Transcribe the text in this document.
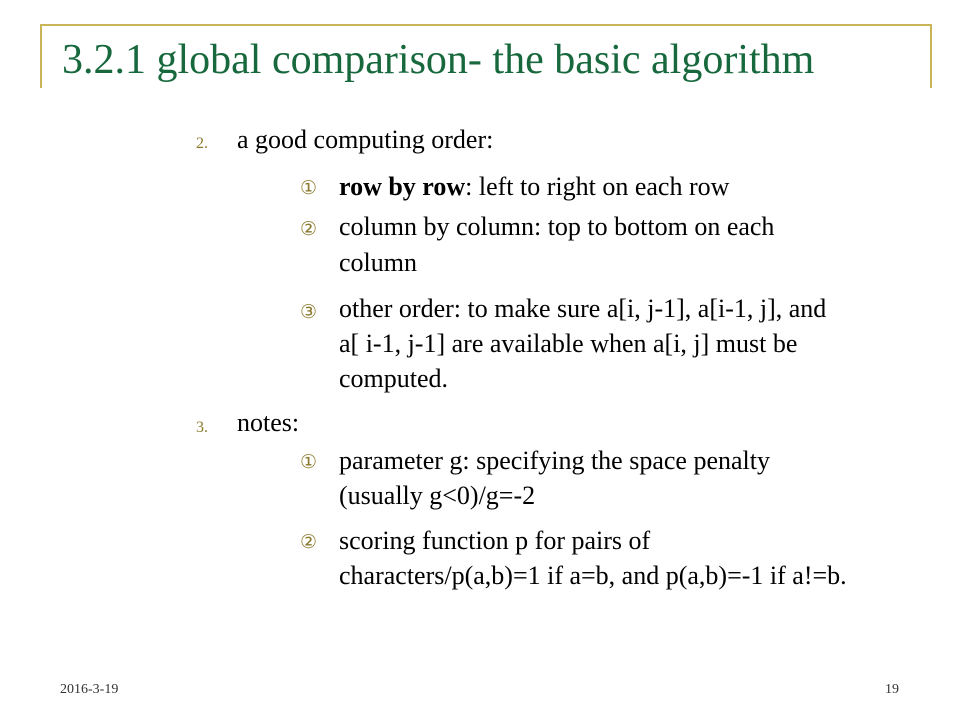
3.2.1 global comparison- the basic algorithm
2. a good computing order:
① row by row: left to right on each row
② column by column: top to bottom on each
column
③ other order: to make sure a[i, j-1], a[i-1, j], and
a[ i-1, j-1] are available when a[i, j] must be
computed.
3. notes:
① parameter g: specifying the space penalty
(usually g<0)/g=-2
② scoring function p for pairs of
characters/p(a,b)=1 if a=b, and p(a,b)=-1 if a!=b.
2016-3-19	19
